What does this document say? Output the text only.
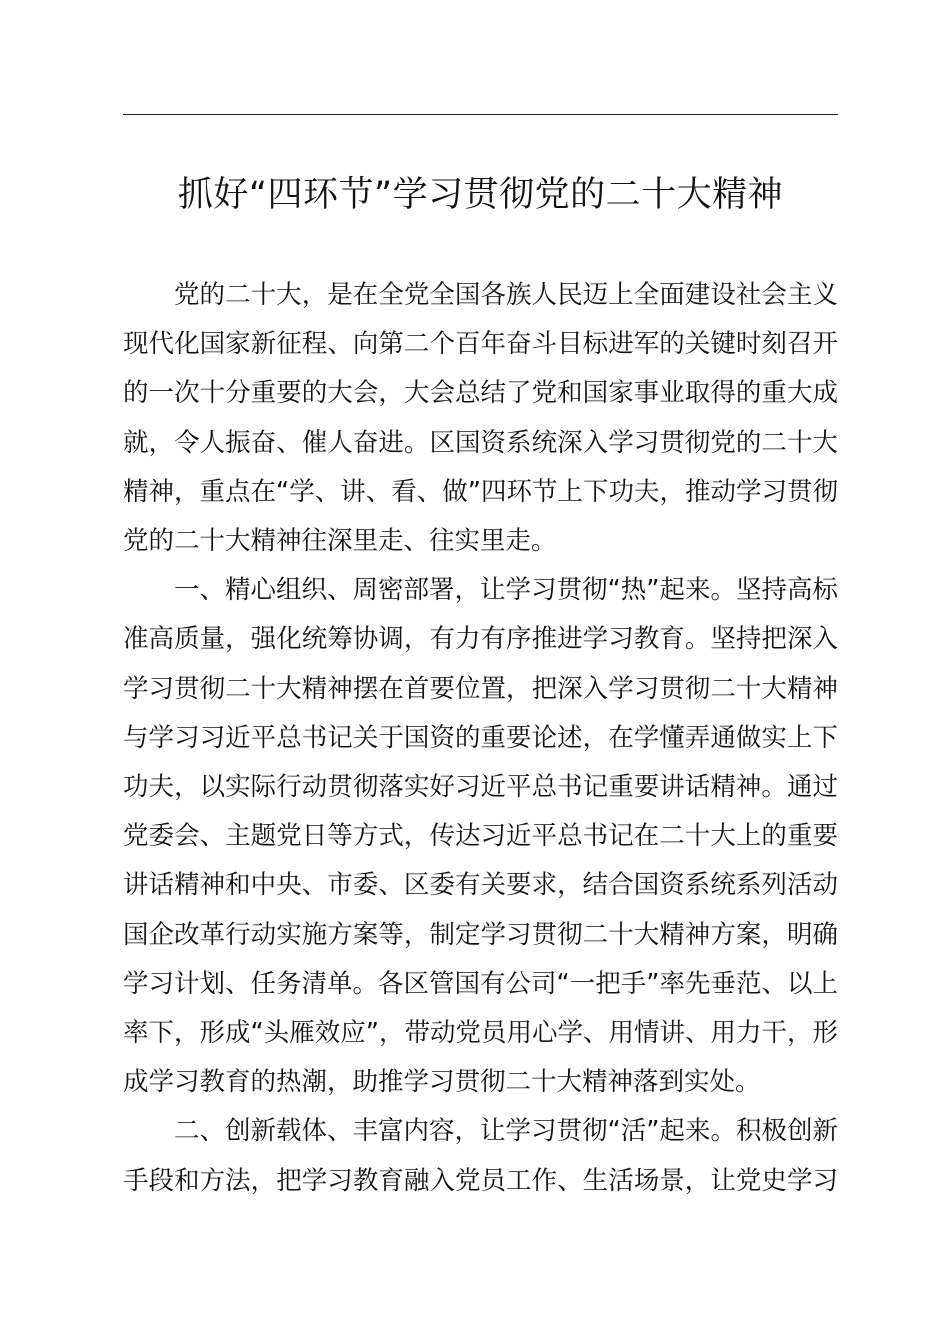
抓好“四环节”学习贯彻党的二十大精神
党的二十大，是在全党全国各族人民迈上全面建设社会主义
现代化国家新征程、向第二个百年奋斗目标进军的关键时刻召开
的一次十分重要的大会，大会总结了党和国家事业取得的重大成
就，令人振奋、催人奋进。区国资系统深入学习贯彻党的二十大
精神，重点在“学、讲、看、做”四环节上下功夫，推动学习贯彻
党的二十大精神往深里走、往实里走。
一、精心组织、周密部署，让学习贯彻“热”起来。坚持高标
准高质量，强化统筹协调，有力有序推进学习教育。坚持把深入
学习贯彻二十大精神摆在首要位置，把深入学习贯彻二十大精神
与学习习近平总书记关于国资的重要论述，在学懂弄通做实上下
功夫，以实际行动贯彻落实好习近平总书记重要讲话精神。通过
党委会、主题党日等方式，传达习近平总书记在二十大上的重要
讲话精神和中央、市委、区委有关要求，结合国资系统系列活动
国企改革行动实施方案等，制定学习贯彻二十大精神方案，明确
学习计划、任务清单。各区管国有公司“一把手”率先垂范、以上
率下，形成“头雁效应”，带动党员用心学、用情讲、用力干，形
成学习教育的热潮，助推学习贯彻二十大精神落到实处。
二、创新载体、丰富内容，让学习贯彻“活”起来。积极创新
手段和方法，把学习教育融入党员工作、生活场景，让党史学习
